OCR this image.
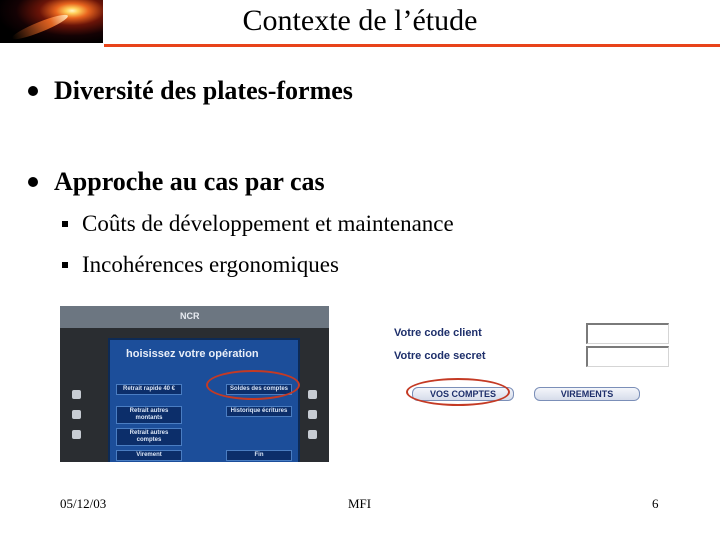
Contexte de l’étude
Diversité des plates-formes
Approche au cas par cas
Coûts de développement et maintenance
Incohérences ergonomiques
NCR
hoisissez votre opération
Retrait rapide 40 €
Retrait autres montants
Retrait autres comptes
Virement
Soldes des comptes
Historique écritures
Fin
Votre code client
Votre code secret
VOS COMPTES	VIREMENTS
05/12/03	MFI	6
